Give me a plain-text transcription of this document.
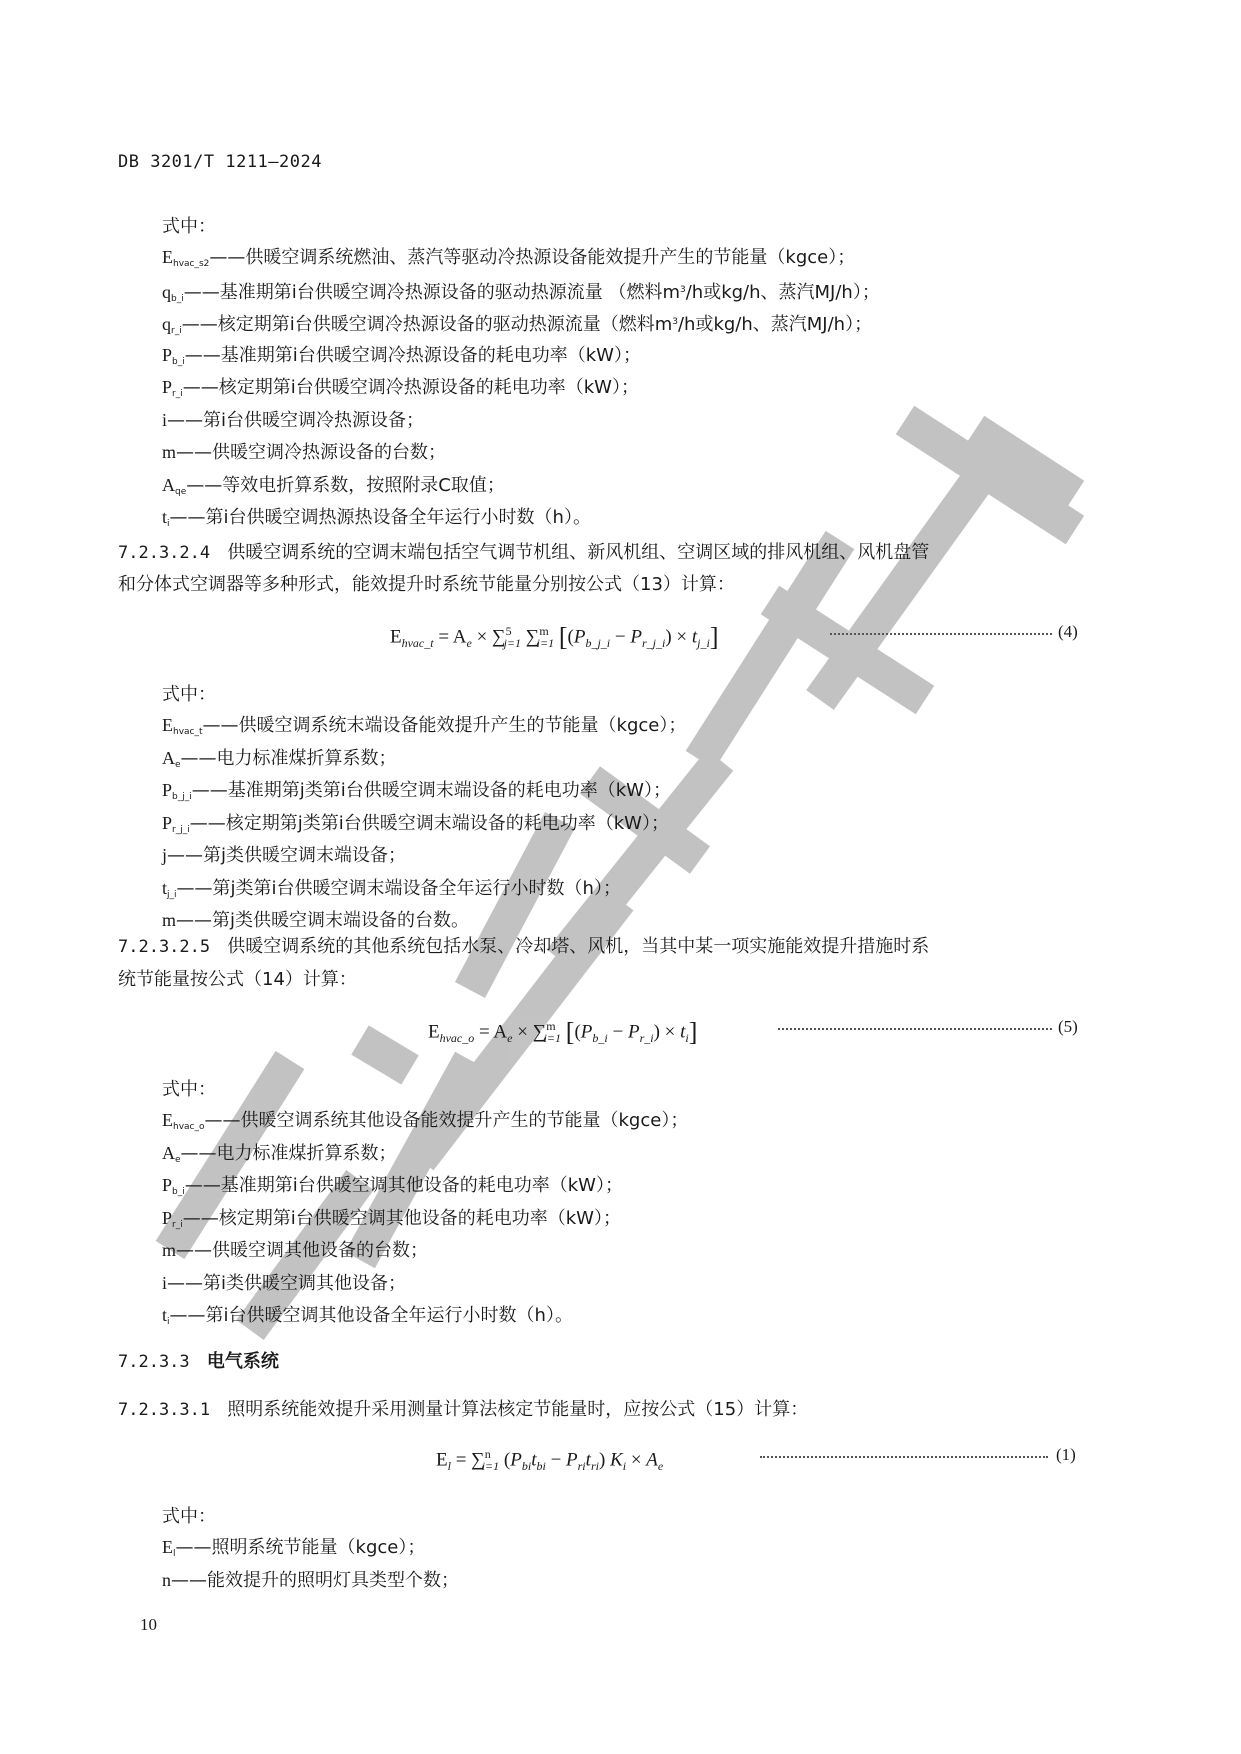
DB 3201/T 1211—2024
式中：
$E_{hvac\_s2}——$供暖空调系统燃油、蒸汽等驱动冷热源设备能效提升产生的节能量（kgce）；
$q_{b\_i}——$基准期第i台供暖空调冷热源设备的驱动热源流量 （燃料$m^3/h$或kg/h、蒸汽MJ/h）；
$q_{r\_i}——$核定期第i台供暖空调冷热源设备的驱动热源流量（燃料$m^3/h$或kg/h、蒸汽MJ/h）；
$P_{b\_i}——$基准期第i台供暖空调冷热源设备的耗电功率（kW）；
$P_{r\_i}——$核定期第i台供暖空调冷热源设备的耗电功率（kW）；
i——第i台供暖空调冷热源设备；
m——供暖空调冷热源设备的台数；
$A_{qe}——$等效电折算系数，按照附录C取值；
$t_i——$第i台供暖空调热源热设备全年运行小时数（h）。
7.2.3.2.4 供暖空调系统的空调末端包括空气调节机组、新风机组、空调区域的排风机组、风机盘管
和分体式空调器等多种形式，能效提升时系统节能量分别按公式（13）计算：
$E_{hvac\_t} = A_e \times \sum^5_{j=1}$ ∑$^m_{i=1}$ $[(P_{b\_j\_i} - P_{r\_j\_i}) \times t_{j\_i}]$	(4)
式中：
$E_{hvac\_t}——$供暖空调系统末端设备能效提升产生的节能量（kgce）；
$A_e——$电力标准煤折算系数；
$P_{b\_j\_i}——$基准期第j类第i台供暖空调末端设备的耗电功率（kW）；
$P_{r\_j\_i}——$核定期第j类第i台供暖空调末端设备的耗电功率（kW）；
j——第j类供暖空调末端设备；
$t_{j\_i}——$第j类第i台供暖空调末端设备全年运行小时数（h）；
m——第j类供暖空调末端设备的台数。
7.2.3.2.5 供暖空调系统的其他系统包括水泵、冷却塔、风机，当其中某一项实施能效提升措施时系
统节能量按公式（14）计算：
$E_{hvac\_o} = A_e \times \sum^m_{i=1}$ $[(P_{b\_i} - P_{r\_i}) \times t_i]$	(5)
式中：
$E_{hvac\_o}——$供暖空调系统其他设备能效提升产生的节能量（kgce）；
$A_e——$电力标准煤折算系数；
$P_{b\_i}——$基准期第i台供暖空调其他设备的耗电功率（kW）；
$P_{r\_i}——$核定期第i台供暖空调其他设备的耗电功率（kW）；
m——供暖空调其他设备的台数；
i——第i类供暖空调其他设备；
$t_i——$第i台供暖空调其他设备全年运行小时数（h）。
7.2.3.3 电气系统
7.2.3.3.1 照明系统能效提升采用测量计算法核定节能量时，应按公式（15）计算：
$E_l = \sum^n_{i=1}$ $(P_{bi}t_{bi} - P_{ri}t_{ri}) K_i \times A_e$
(1)
式中：
$E_l——$照明系统节能量（kgce）；
n——能效提升的照明灯具类型个数；
10
